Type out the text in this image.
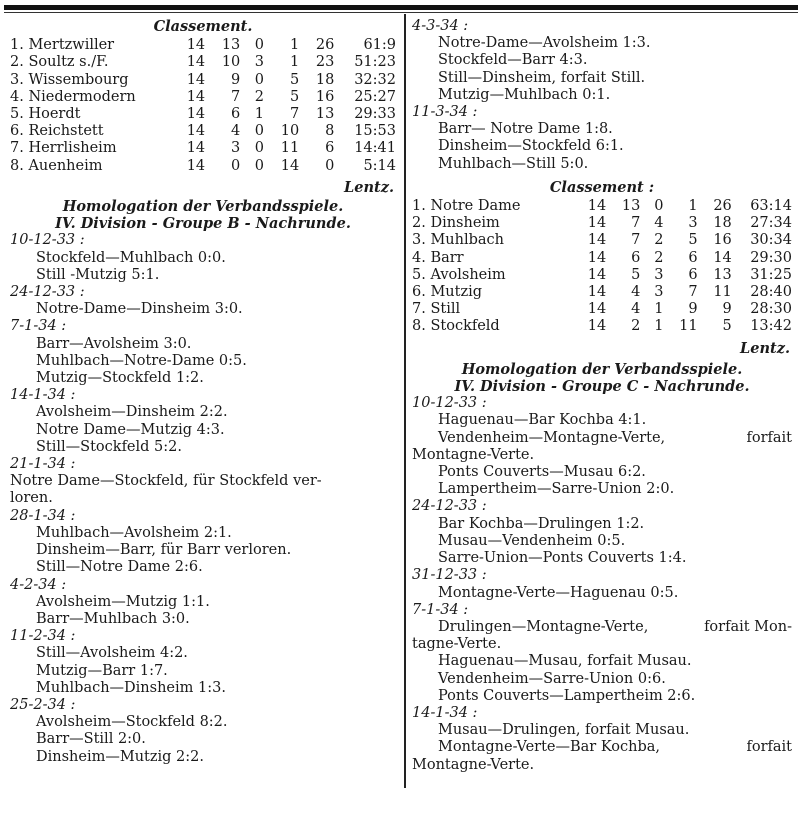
Classement.
1. Mertzwiller	14	13	0	1	26	61:9
2. Soultz s./F.	14	10	3	1	23	51:23
3. Wissembourg	14	9	0	5	18	32:32
4. Niedermodern	14	7	2	5	16	25:27
5. Hoerdt	14	6	1	7	13	29:33
6. Reichstett	14	4	0	10	8	15:53
7. Herrlisheim	14	3	0	11	6	14:41
8. Auenheim	14	0	0	14	0	5:14
Lentz.
Homologation der Verbandsspiele.
IV. Division - Groupe B - Nachrunde.
10-12-33 :
Stockfeld—Muhlbach 0:0.
Still -Mutzig 5:1.
24-12-33 :
Notre-Dame—Dinsheim 3:0.
7-1-34 :
Barr—Avolsheim 3:0.
Muhlbach—Notre-Dame 0:5.
Mutzig—Stockfeld 1:2.
14-1-34 :
Avolsheim—Dinsheim 2:2.
Notre Dame—Mutzig 4:3.
Still—Stockfeld 5:2.
21-1-34 :
Notre Dame—Stockfeld, für Stockfeld ver-
loren.
28-1-34 :
Muhlbach—Avolsheim 2:1.
Dinsheim—Barr, für Barr verloren.
Still—Notre Dame 2:6.
4-2-34 :
Avolsheim—Mutzig 1:1.
Barr—Muhlbach 3:0.
11-2-34 :
Still—Avolsheim 4:2.
Mutzig—Barr 1:7.
Muhlbach—Dinsheim 1:3.
25-2-34 :
Avolsheim—Stockfeld 8:2.
Barr—Still 2:0.
Dinsheim—Mutzig 2:2.
4-3-34 :
Notre-Dame—Avolsheim 1:3.
Stockfeld—Barr 4:3.
Still—Dinsheim, forfait Still.
Mutzig—Muhlbach 0:1.
11-3-34 :
Barr— Notre Dame 1:8.
Dinsheim—Stockfeld 6:1.
Muhlbach—Still 5:0.
Classement :
1. Notre Dame	14	13	0	1	26	63:14
2. Dinsheim	14	7	4	3	18	27:34
3. Muhlbach	14	7	2	5	16	30:34
4. Barr	14	6	2	6	14	29:30
5. Avolsheim	14	5	3	6	13	31:25
6. Mutzig	14	4	3	7	11	28:40
7. Still	14	4	1	9	9	28:30
8. Stockfeld	14	2	1	11	5	13:42
Lentz.
Homologation der Verbandsspiele.
IV. Division - Groupe C - Nachrunde.
10-12-33 :
Haguenau—Bar Kochba 4:1.
Vendenheim—Montagne-Verte,	forfait
Montagne-Verte.
Ponts Couverts—Musau 6:2.
Lampertheim—Sarre-Union 2:0.
24-12-33 :
Bar Kochba—Drulingen 1:2.
Musau—Vendenheim 0:5.
Sarre-Union—Ponts Couverts 1:4.
31-12-33 :
Montagne-Verte—Haguenau 0:5.
7-1-34 :
Drulingen—Montagne-Verte,	forfait Mon-
tagne-Verte.
Haguenau—Musau, forfait Musau.
Vendenheim—Sarre-Union 0:6.
Ponts Couverts—Lampertheim 2:6.
14-1-34 :
Musau—Drulingen, forfait Musau.
Montagne-Verte—Bar Kochba,	forfait
Montagne-Verte.
